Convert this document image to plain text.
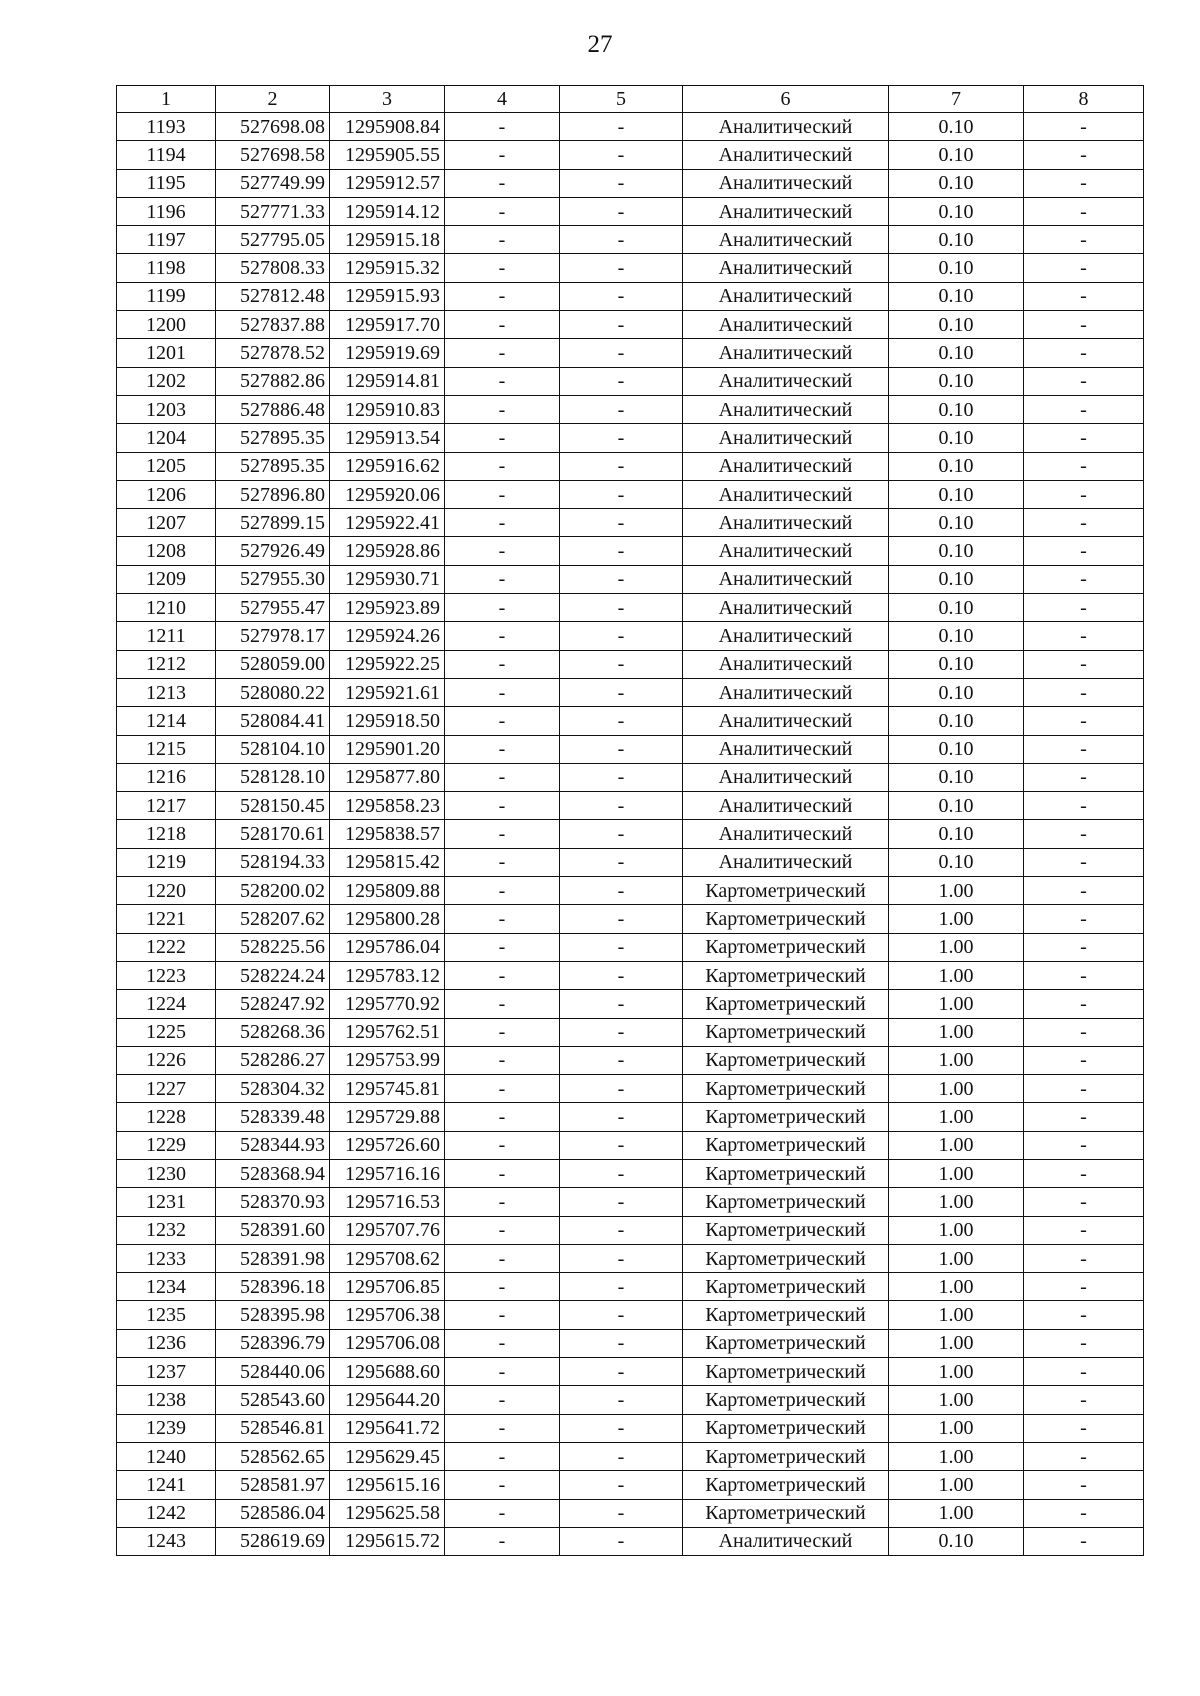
27
1	2	3	4	5	6	7	8
1193	527698.08	1295908.84	-	-	Аналитический	0.10	-
1194	527698.58	1295905.55	-	-	Аналитический	0.10	-
1195	527749.99	1295912.57	-	-	Аналитический	0.10	-
1196	527771.33	1295914.12	-	-	Аналитический	0.10	-
1197	527795.05	1295915.18	-	-	Аналитический	0.10	-
1198	527808.33	1295915.32	-	-	Аналитический	0.10	-
1199	527812.48	1295915.93	-	-	Аналитический	0.10	-
1200	527837.88	1295917.70	-	-	Аналитический	0.10	-
1201	527878.52	1295919.69	-	-	Аналитический	0.10	-
1202	527882.86	1295914.81	-	-	Аналитический	0.10	-
1203	527886.48	1295910.83	-	-	Аналитический	0.10	-
1204	527895.35	1295913.54	-	-	Аналитический	0.10	-
1205	527895.35	1295916.62	-	-	Аналитический	0.10	-
1206	527896.80	1295920.06	-	-	Аналитический	0.10	-
1207	527899.15	1295922.41	-	-	Аналитический	0.10	-
1208	527926.49	1295928.86	-	-	Аналитический	0.10	-
1209	527955.30	1295930.71	-	-	Аналитический	0.10	-
1210	527955.47	1295923.89	-	-	Аналитический	0.10	-
1211	527978.17	1295924.26	-	-	Аналитический	0.10	-
1212	528059.00	1295922.25	-	-	Аналитический	0.10	-
1213	528080.22	1295921.61	-	-	Аналитический	0.10	-
1214	528084.41	1295918.50	-	-	Аналитический	0.10	-
1215	528104.10	1295901.20	-	-	Аналитический	0.10	-
1216	528128.10	1295877.80	-	-	Аналитический	0.10	-
1217	528150.45	1295858.23	-	-	Аналитический	0.10	-
1218	528170.61	1295838.57	-	-	Аналитический	0.10	-
1219	528194.33	1295815.42	-	-	Аналитический	0.10	-
1220	528200.02	1295809.88	-	-	Картометрический	1.00	-
1221	528207.62	1295800.28	-	-	Картометрический	1.00	-
1222	528225.56	1295786.04	-	-	Картометрический	1.00	-
1223	528224.24	1295783.12	-	-	Картометрический	1.00	-
1224	528247.92	1295770.92	-	-	Картометрический	1.00	-
1225	528268.36	1295762.51	-	-	Картометрический	1.00	-
1226	528286.27	1295753.99	-	-	Картометрический	1.00	-
1227	528304.32	1295745.81	-	-	Картометрический	1.00	-
1228	528339.48	1295729.88	-	-	Картометрический	1.00	-
1229	528344.93	1295726.60	-	-	Картометрический	1.00	-
1230	528368.94	1295716.16	-	-	Картометрический	1.00	-
1231	528370.93	1295716.53	-	-	Картометрический	1.00	-
1232	528391.60	1295707.76	-	-	Картометрический	1.00	-
1233	528391.98	1295708.62	-	-	Картометрический	1.00	-
1234	528396.18	1295706.85	-	-	Картометрический	1.00	-
1235	528395.98	1295706.38	-	-	Картометрический	1.00	-
1236	528396.79	1295706.08	-	-	Картометрический	1.00	-
1237	528440.06	1295688.60	-	-	Картометрический	1.00	-
1238	528543.60	1295644.20	-	-	Картометрический	1.00	-
1239	528546.81	1295641.72	-	-	Картометрический	1.00	-
1240	528562.65	1295629.45	-	-	Картометрический	1.00	-
1241	528581.97	1295615.16	-	-	Картометрический	1.00	-
1242	528586.04	1295625.58	-	-	Картометрический	1.00	-
1243	528619.69	1295615.72	-	-	Аналитический	0.10	-
